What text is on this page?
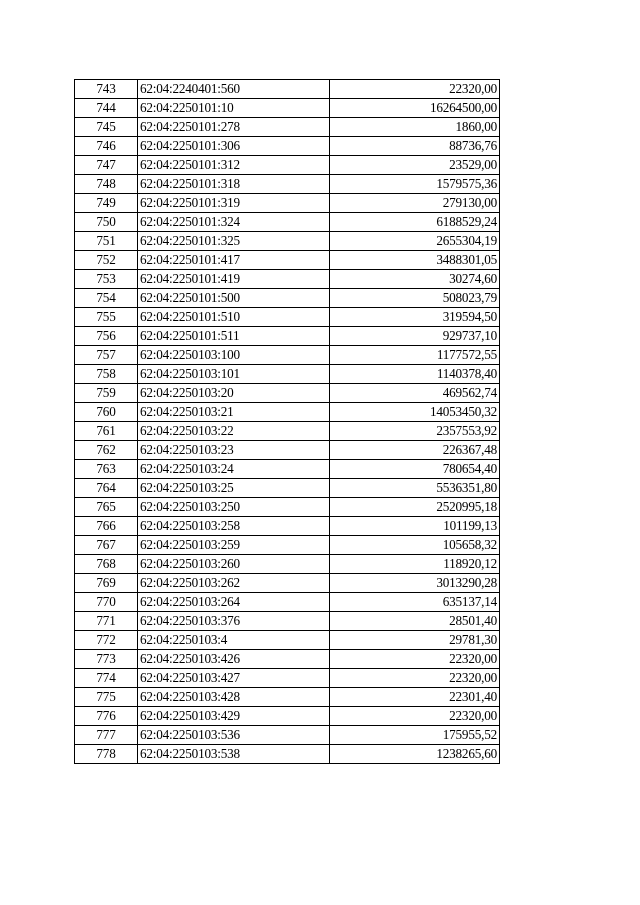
743	62:04:2240401:560	22320,00
744	62:04:2250101:10	16264500,00
745	62:04:2250101:278	1860,00
746	62:04:2250101:306	88736,76
747	62:04:2250101:312	23529,00
748	62:04:2250101:318	1579575,36
749	62:04:2250101:319	279130,00
750	62:04:2250101:324	6188529,24
751	62:04:2250101:325	2655304,19
752	62:04:2250101:417	3488301,05
753	62:04:2250101:419	30274,60
754	62:04:2250101:500	508023,79
755	62:04:2250101:510	319594,50
756	62:04:2250101:511	929737,10
757	62:04:2250103:100	1177572,55
758	62:04:2250103:101	1140378,40
759	62:04:2250103:20	469562,74
760	62:04:2250103:21	14053450,32
761	62:04:2250103:22	2357553,92
762	62:04:2250103:23	226367,48
763	62:04:2250103:24	780654,40
764	62:04:2250103:25	5536351,80
765	62:04:2250103:250	2520995,18
766	62:04:2250103:258	101199,13
767	62:04:2250103:259	105658,32
768	62:04:2250103:260	118920,12
769	62:04:2250103:262	3013290,28
770	62:04:2250103:264	635137,14
771	62:04:2250103:376	28501,40
772	62:04:2250103:4	29781,30
773	62:04:2250103:426	22320,00
774	62:04:2250103:427	22320,00
775	62:04:2250103:428	22301,40
776	62:04:2250103:429	22320,00
777	62:04:2250103:536	175955,52
778	62:04:2250103:538	1238265,60
